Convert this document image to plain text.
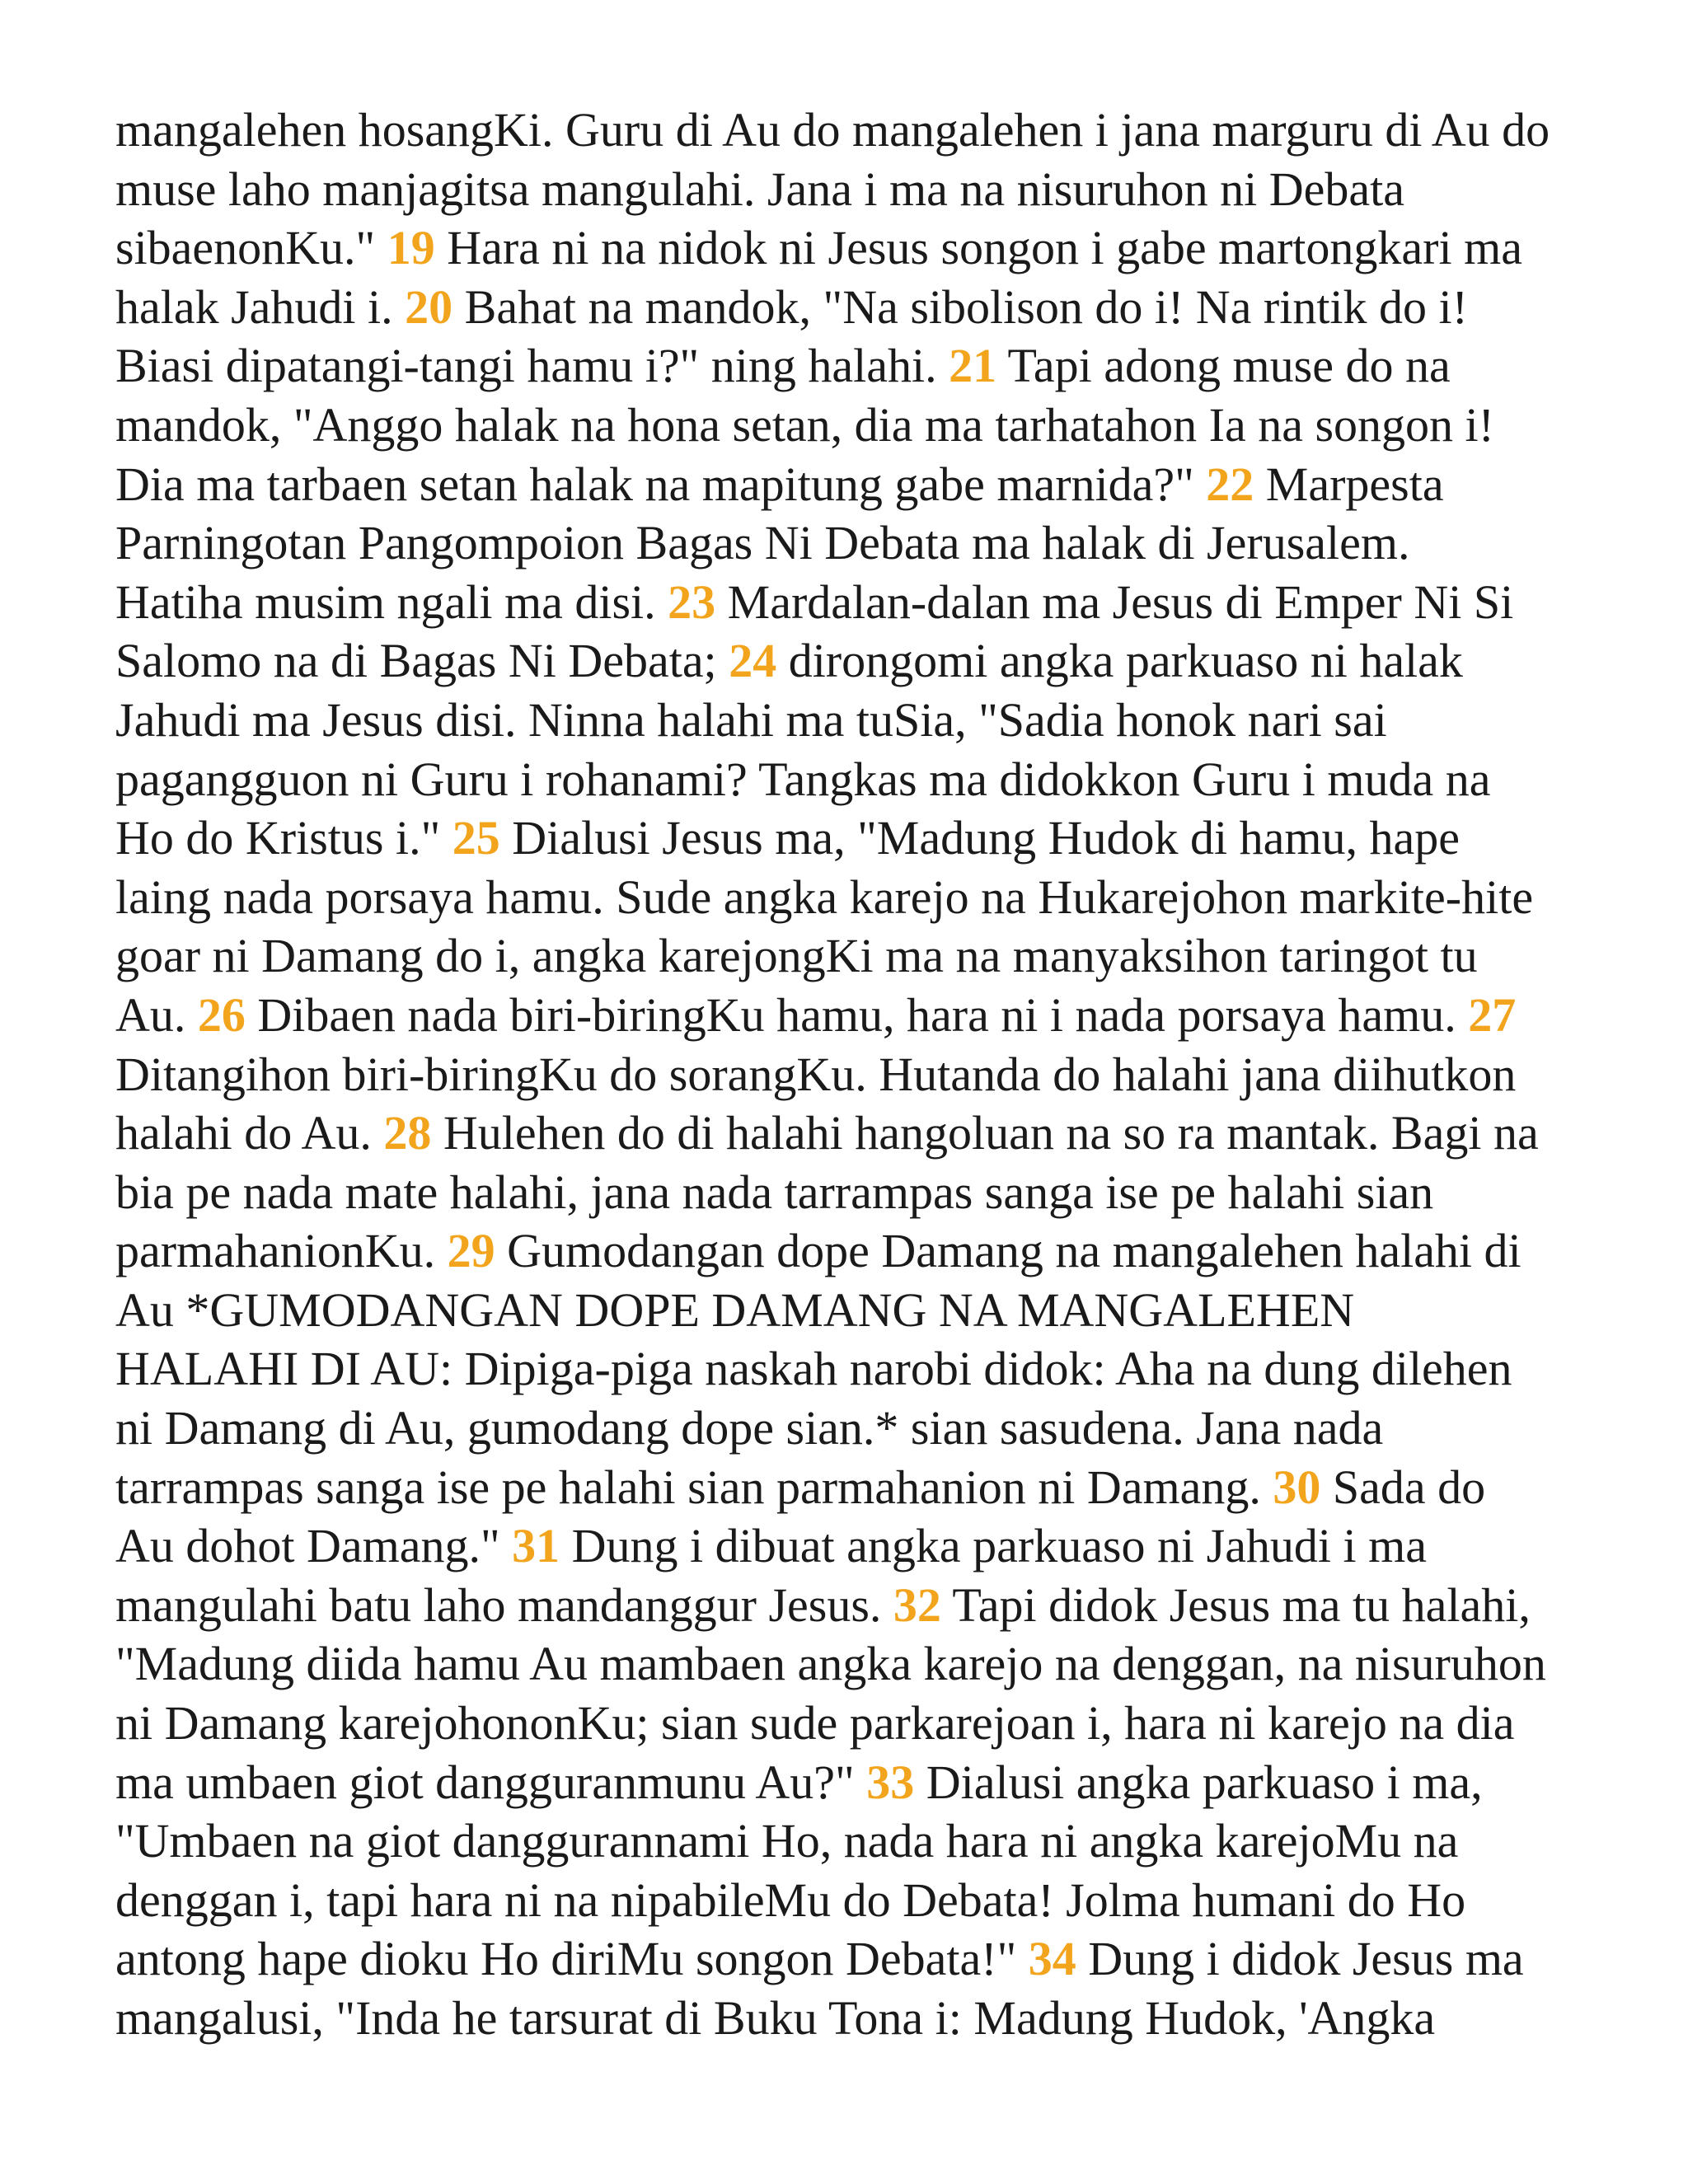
mangalehen hosangKi. Guru di Au do mangalehen i jana marguru di Au do
muse laho manjagitsa mangulahi. Jana i ma na nisuruhon ni Debata
sibaenonKu." 19 Hara ni na nidok ni Jesus songon i gabe martongkari ma
halak Jahudi i. 20 Bahat na mandok, "Na sibolison do i! Na rintik do i!
Biasi dipatangi-tangi hamu i?" ning halahi. 21 Tapi adong muse do na
mandok, "Anggo halak na hona setan, dia ma tarhatahon Ia na songon i!
Dia ma tarbaen setan halak na mapitung gabe marnida?" 22 Marpesta
Parningotan Pangompoion Bagas Ni Debata ma halak di Jerusalem.
Hatiha musim ngali ma disi. 23 Mardalan-dalan ma Jesus di Emper Ni Si
Salomo na di Bagas Ni Debata; 24 dirongomi angka parkuaso ni halak
Jahudi ma Jesus disi. Ninna halahi ma tuSia, "Sadia honok nari sai
pagangguon ni Guru i rohanami? Tangkas ma didokkon Guru i muda na
Ho do Kristus i." 25 Dialusi Jesus ma, "Madung Hudok di hamu, hape
laing nada porsaya hamu. Sude angka karejo na Hukarejohon markite-hite
goar ni Damang do i, angka karejongKi ma na manyaksihon taringot tu
Au. 26 Dibaen nada biri-biringKu hamu, hara ni i nada porsaya hamu. 27
Ditangihon biri-biringKu do sorangKu. Hutanda do halahi jana diihutkon
halahi do Au. 28 Hulehen do di halahi hangoluan na so ra mantak. Bagi na
bia pe nada mate halahi, jana nada tarrampas sanga ise pe halahi sian
parmahanionKu. 29 Gumodangan dope Damang na mangalehen halahi di
Au *GUMODANGAN DOPE DAMANG NA MANGALEHEN
HALAHI DI AU: Dipiga-piga naskah narobi didok: Aha na dung dilehen
ni Damang di Au, gumodang dope sian.* sian sasudena. Jana nada
tarrampas sanga ise pe halahi sian parmahanion ni Damang. 30 Sada do
Au dohot Damang." 31 Dung i dibuat angka parkuaso ni Jahudi i ma
mangulahi batu laho mandanggur Jesus. 32 Tapi didok Jesus ma tu halahi,
"Madung diida hamu Au mambaen angka karejo na denggan, na nisuruhon
ni Damang karejohononKu; sian sude parkarejoan i, hara ni karejo na dia
ma umbaen giot dangguranmunu Au?" 33 Dialusi angka parkuaso i ma,
"Umbaen na giot danggurannami Ho, nada hara ni angka karejoMu na
denggan i, tapi hara ni na nipabileMu do Debata! Jolma humani do Ho
antong hape dioku Ho diriMu songon Debata!" 34 Dung i didok Jesus ma
mangalusi, "Inda he tarsurat di Buku Tona i: Madung Hudok, 'Angka
